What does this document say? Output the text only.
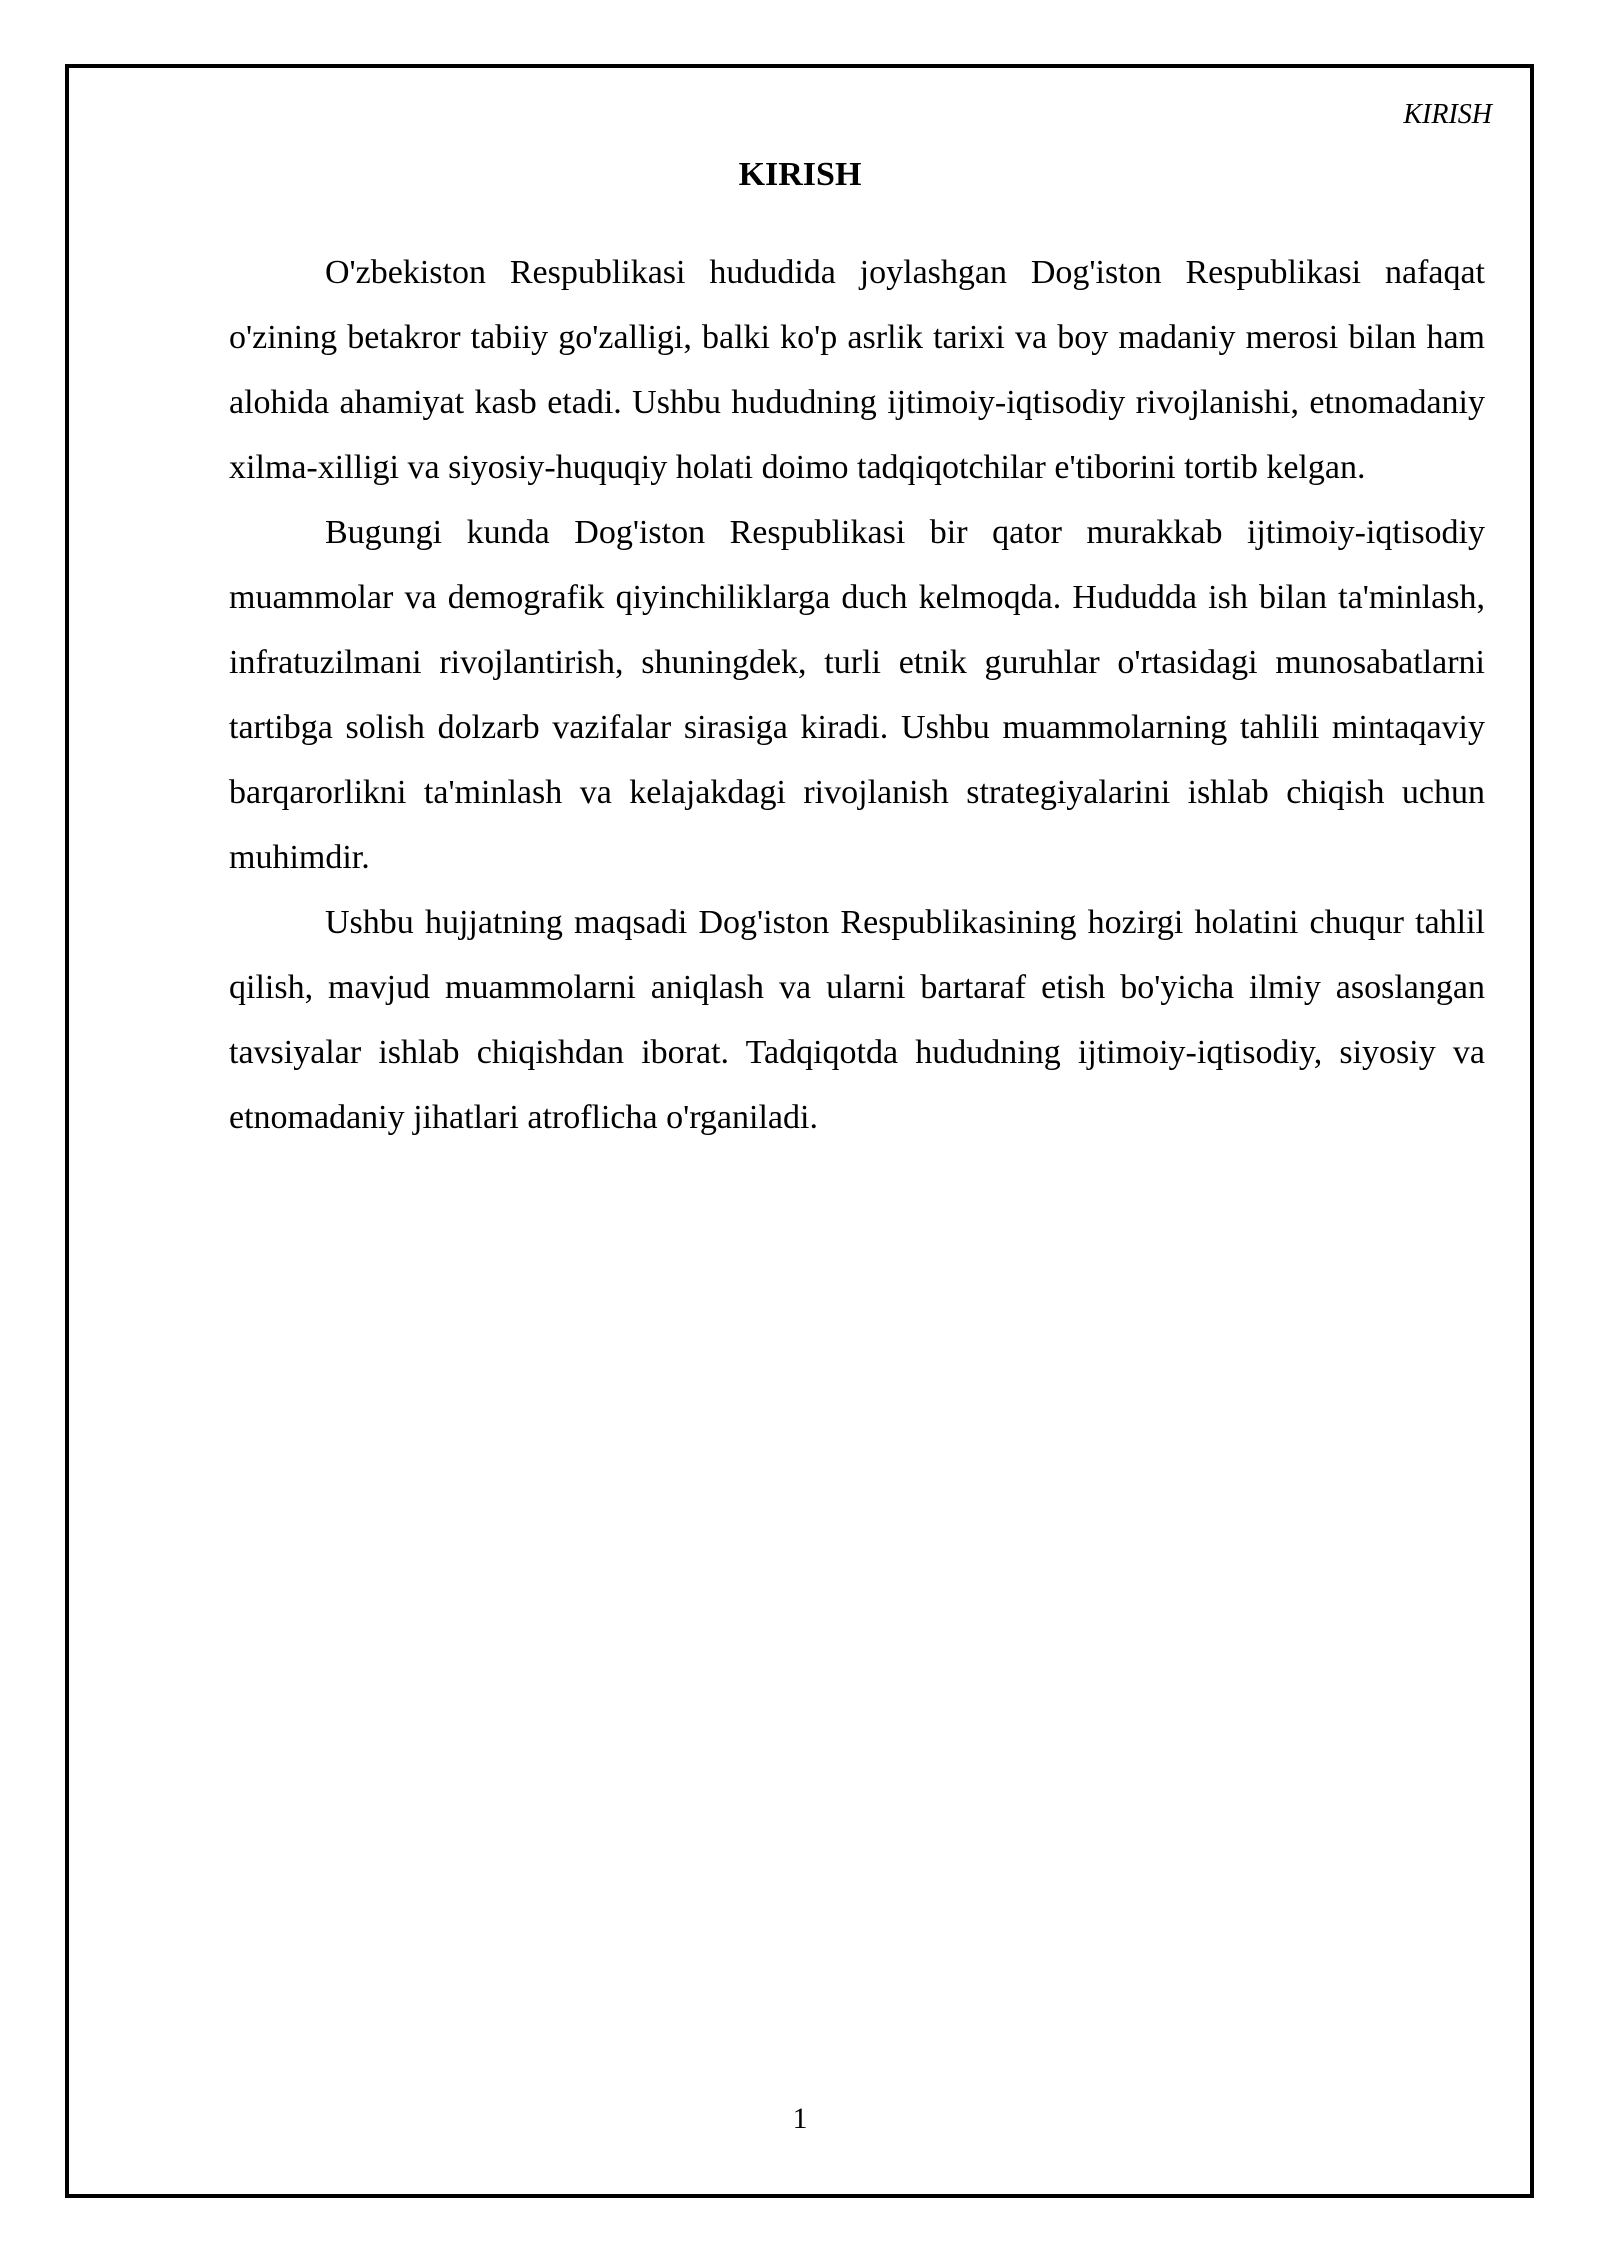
KIRISH
KIRISH

O'zbekiston Respublikasi hududida joylashgan Dog'iston Respublikasi nafaqat o'zining betakror tabiiy go'zalligi, balki ko'p asrlik tarixi va boy madaniy merosi bilan ham alohida ahamiyat kasb etadi. Ushbu hududning ijtimoiy-iqtisodiy rivojlanishi, etnomadaniy xilma-xilligi va siyosiy-huquqiy holati doimo tadqiqotchilar e'tiborini tortib kelgan.

Bugungi kunda Dog'iston Respublikasi bir qator murakkab ijtimoiy-iqtisodiy muammolar va demografik qiyinchiliklarga duch kelmoqda. Hududda ish bilan ta'minlash, infratuzilmani rivojlantirish, shuningdek, turli etnik guruhlar o'rtasidagi munosabatlarni tartibga solish dolzarb vazifalar sirasiga kiradi. Ushbu muammolarning tahlili mintaqaviy barqarorlikni ta'minlash va kelajakdagi rivojlanish strategiyalarini ishlab chiqish uchun muhimdir.

Ushbu hujjatning maqsadi Dog'iston Respublikasining hozirgi holatini chuqur tahlil qilish, mavjud muammolarni aniqlash va ularni bartaraf etish bo'yicha ilmiy asoslangan tavsiyalar ishlab chiqishdan iborat. Tadqiqotda hududning ijtimoiy-iqtisodiy, siyosiy va etnomadaniy jihatlari atroflicha o'rganiladi.

1
